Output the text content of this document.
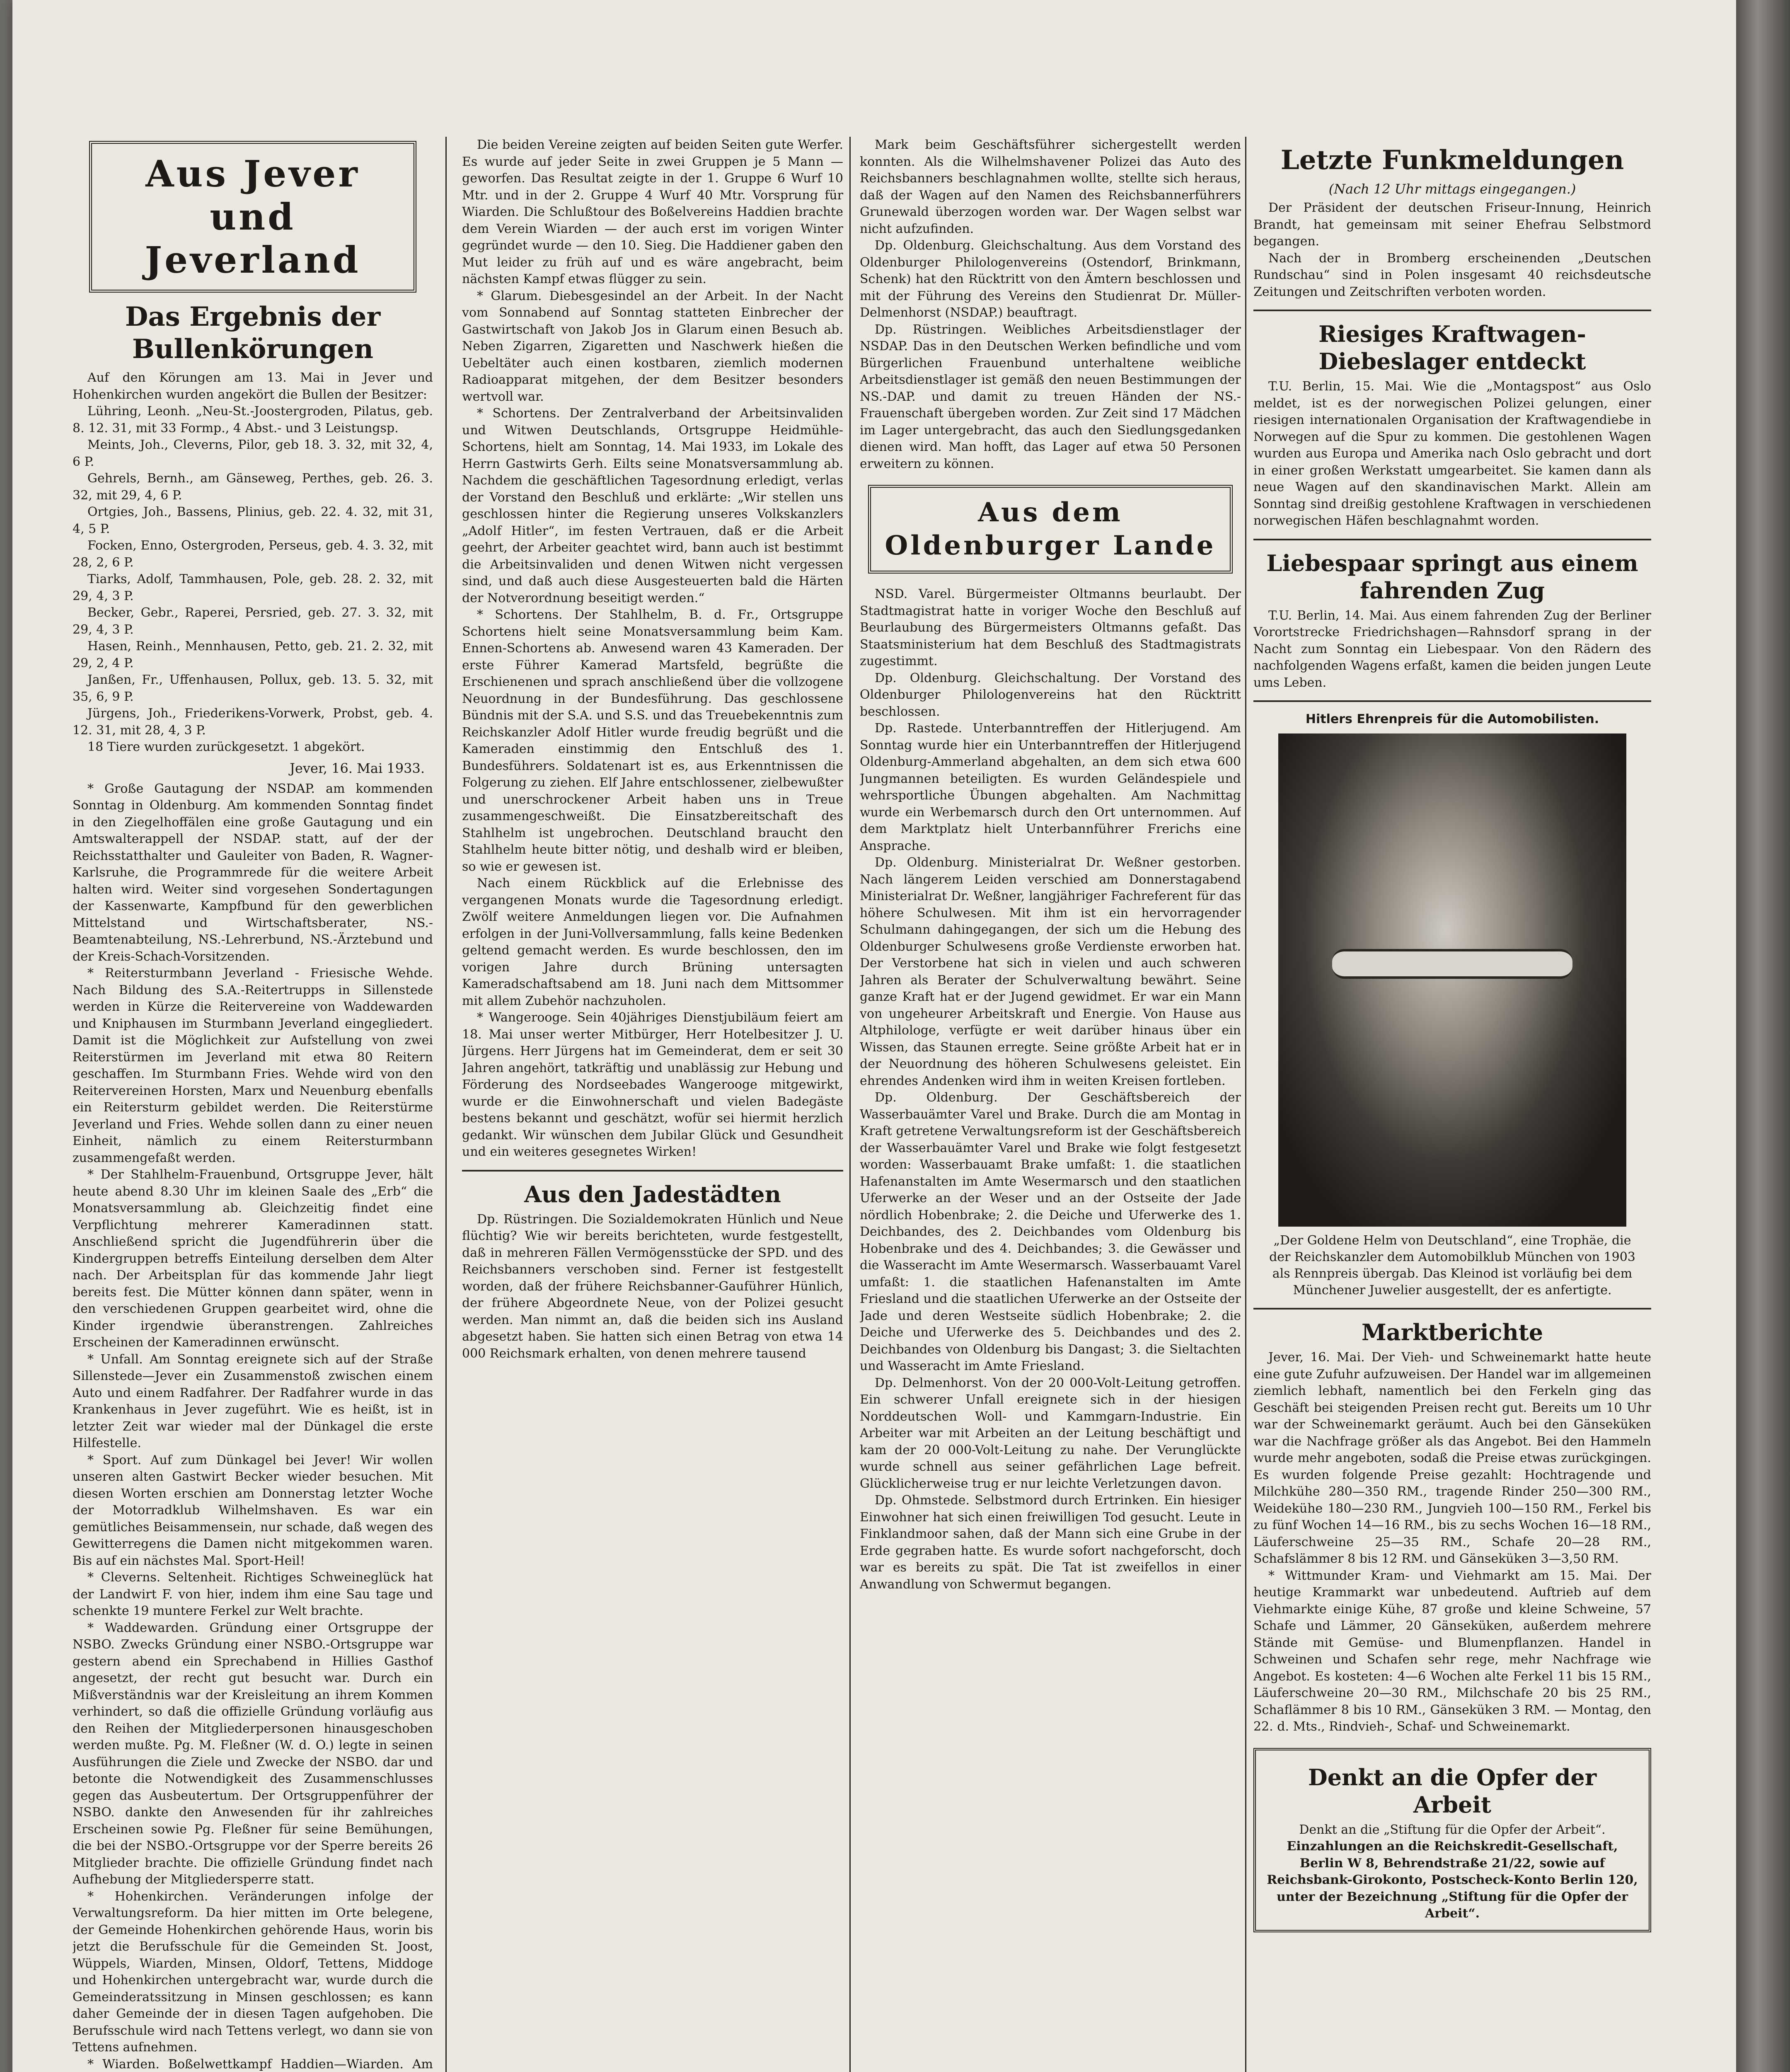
Aus Jever und Jeverland
Das Ergebnis der Bullenkörungen

Auf den Körungen am 13. Mai in Jever und Hohenkirchen wurden angekört die Bullen der Besitzer:

Lühring, Leonh. „Neu-St.-Joostergroden, Pilatus, geb. 8. 12. 31, mit 33 Formp., 4 Abst.- und 3 Leistungsp.

Meints, Joh., Cleverns, Pilor, geb 18. 3. 32, mit 32, 4, 6 P.

Gehrels, Bernh., am Gänseweg, Perthes, geb. 26. 3. 32, mit 29, 4, 6 P.

Ortgies, Joh., Bassens, Plinius, geb. 22. 4. 32, mit 31, 4, 5 P.

Focken, Enno, Ostergroden, Perseus, geb. 4. 3. 32, mit 28, 2, 6 P.

Tiarks, Adolf, Tammhausen, Pole, geb. 28. 2. 32, mit 29, 4, 3 P.

Becker, Gebr., Raperei, Persried, geb. 27. 3. 32, mit 29, 4, 3 P.

Hasen, Reinh., Mennhausen, Petto, geb. 21. 2. 32, mit 29, 2, 4 P.

Janßen, Fr., Uffenhausen, Pollux, geb. 13. 5. 32, mit 35, 6, 9 P.

Jürgens, Joh., Friederikens-Vorwerk, Probst, geb. 4. 12. 31, mit 28, 4, 3 P.

18 Tiere wurden zurückgesetzt. 1 abgekört.

Jever, 16. Mai 1933.

* Große Gautagung der NSDAP. am kommenden Sonntag in Oldenburg. Am kommenden Sonntag findet in den Ziegelhoffälen eine große Gautagung und ein Amtswalterappell der NSDAP. statt, auf der der Reichsstatthalter und Gauleiter von Baden, R. Wagner-Karlsruhe, die Programmrede für die weitere Arbeit halten wird. Weiter sind vorgesehen Sondertagungen der Kassenwarte, Kampfbund für den gewerblichen Mittelstand und Wirtschaftsberater, NS.-Beamtenabteilung, NS.-Lehrerbund, NS.-Ärztebund und der Kreis-Schach-Vorsitzenden.

* Reitersturmbann Jeverland - Friesische Wehde. Nach Bildung des S.A.-Reitertrupps in Sillenstede werden in Kürze die Reitervereine von Waddewarden und Kniphausen im Sturmbann Jeverland eingegliedert. Damit ist die Möglichkeit zur Aufstellung von zwei Reiterstürmen im Jeverland mit etwa 80 Reitern geschaffen. Im Sturmbann Fries. Wehde wird von den Reitervereinen Horsten, Marx und Neuenburg ebenfalls ein Reitersturm gebildet werden. Die Reiterstürme Jeverland und Fries. Wehde sollen dann zu einer neuen Einheit, nämlich zu einem Reitersturmbann zusammengefaßt werden.

* Der Stahlhelm-Frauenbund, Ortsgruppe Jever, hält heute abend 8.30 Uhr im kleinen Saale des „Erb“ die Monatsversammlung ab. Gleichzeitig findet eine Verpflichtung mehrerer Kameradinnen statt. Anschließend spricht die Jugendführerin über die Kindergruppen betreffs Einteilung derselben dem Alter nach. Der Arbeitsplan für das kommende Jahr liegt bereits fest. Die Mütter können dann später, wenn in den verschiedenen Gruppen gearbeitet wird, ohne die Kinder irgendwie überanstrengen. Zahlreiches Erscheinen der Kameradinnen erwünscht.

* Unfall. Am Sonntag ereignete sich auf der Straße Sillenstede—Jever ein Zusammenstoß zwischen einem Auto und einem Radfahrer. Der Radfahrer wurde in das Krankenhaus in Jever zugeführt. Wie es heißt, ist in letzter Zeit war wieder mal der Dünkagel die erste Hilfestelle.

* Sport. Auf zum Dünkagel bei Jever! Wir wollen unseren alten Gastwirt Becker wieder besuchen. Mit diesen Worten erschien am Donnerstag letzter Woche der Motorradklub Wilhelmshaven. Es war ein gemütliches Beisammensein, nur schade, daß wegen des Gewitterregens die Damen nicht mitgekommen waren. Bis auf ein nächstes Mal. Sport-Heil!

* Cleverns. Seltenheit. Richtiges Schweineglück hat der Landwirt F. von hier, indem ihm eine Sau tage und schenkte 19 muntere Ferkel zur Welt brachte.

* Waddewarden. Gründung einer Ortsgruppe der NSBO. Zwecks Gründung einer NSBO.-Ortsgruppe war gestern abend ein Sprechabend in Hillies Gasthof angesetzt, der recht gut besucht war. Durch ein Mißverständnis war der Kreisleitung an ihrem Kommen verhindert, so daß die offizielle Gründung vorläufig aus den Reihen der Mitgliederpersonen hinausgeschoben werden mußte. Pg. M. Fleßner (W. d. O.) legte in seinen Ausführungen die Ziele und Zwecke der NSBO. dar und betonte die Notwendigkeit des Zusammenschlusses gegen das Ausbeutertum. Der Ortsgruppenführer der NSBO. dankte den Anwesenden für ihr zahlreiches Erscheinen sowie Pg. Fleßner für seine Bemühungen, die bei der NSBO.-Ortsgruppe vor der Sperre bereits 26 Mitglieder brachte. Die offizielle Gründung findet nach Aufhebung der Mitgliedersperre statt.

* Hohenkirchen. Veränderungen infolge der Verwaltungsreform. Da hier mitten im Orte belegene, der Gemeinde Hohenkirchen gehörende Haus, worin bis jetzt die Berufsschule für die Gemeinden St. Joost, Wüppels, Wiarden, Minsen, Oldorf, Tettens, Middoge und Hohenkirchen untergebracht war, wurde durch die Gemeinderatssitzung in Minsen geschlossen; es kann daher Gemeinde der in diesen Tagen aufgehoben. Die Berufsschule wird nach Tettens verlegt, wo dann sie von Tettens aufnehmen.

* Wiarden. Boßelwettkampf Haddien—Wiarden. Am

Die beiden Vereine zeigten auf beiden Seiten gute Werfer. Es wurde auf jeder Seite in zwei Gruppen je 5 Mann — geworfen. Das Resultat zeigte in der 1. Gruppe 6 Wurf 10 Mtr. und in der 2. Gruppe 4 Wurf 40 Mtr. Vorsprung für Wiarden. Die Schlußtour des Boßelvereins Haddien brachte dem Verein Wiarden — der auch erst im vorigen Winter gegründet wurde — den 10. Sieg. Die Haddiener gaben den Mut leider zu früh auf und es wäre angebracht, beim nächsten Kampf etwas flügger zu sein.

* Glarum. Diebesgesindel an der Arbeit. In der Nacht vom Sonnabend auf Sonntag statteten Einbrecher der Gastwirtschaft von Jakob Jos in Glarum einen Besuch ab. Neben Zigarren, Zigaretten und Naschwerk hießen die Uebeltäter auch einen kostbaren, ziemlich modernen Radioapparat mitgehen, der dem Besitzer besonders wertvoll war.

* Schortens. Der Zentralverband der Arbeitsinvaliden und Witwen Deutschlands, Ortsgruppe Heidmühle-Schortens, hielt am Sonntag, 14. Mai 1933, im Lokale des Herrn Gastwirts Gerh. Eilts seine Monatsversammlung ab. Nachdem die geschäftlichen Tagesordnung erledigt, verlas der Vorstand den Beschluß und erklärte: „Wir stellen uns geschlossen hinter die Regierung unseres Volkskanzlers „Adolf Hitler“, im festen Vertrauen, daß er die Arbeit geehrt, der Arbeiter geachtet wird, bann auch ist bestimmt die Arbeitsinvaliden und denen Witwen nicht vergessen sind, und daß auch diese Ausgesteuerten bald die Härten der Notverordnung beseitigt werden.“

* Schortens. Der Stahlhelm, B. d. Fr., Ortsgruppe Schortens hielt seine Monatsversammlung beim Kam. Ennen-Schortens ab. Anwesend waren 43 Kameraden. Der erste Führer Kamerad Martsfeld, begrüßte die Erschienenen und sprach anschließend über die vollzogene Neuordnung in der Bundesführung. Das geschlossene Bündnis mit der S.A. und S.S. und das Treuebekenntnis zum Reichskanzler Adolf Hitler wurde freudig begrüßt und die Kameraden einstimmig den Entschluß des 1. Bundesführers. Soldatenart ist es, aus Erkenntnissen die Folgerung zu ziehen. Elf Jahre entschlossener, zielbewußter und unerschrockener Arbeit haben uns in Treue zusammengeschweißt. Die Einsatzbereitschaft des Stahlhelm ist ungebrochen. Deutschland braucht den Stahlhelm heute bitter nötig, und deshalb wird er bleiben, so wie er gewesen ist.

Nach einem Rückblick auf die Erlebnisse des vergangenen Monats wurde die Tagesordnung erledigt. Zwölf weitere Anmeldungen liegen vor. Die Aufnahmen erfolgen in der Juni-Vollversammlung, falls keine Bedenken geltend gemacht werden. Es wurde beschlossen, den im vorigen Jahre durch Brüning untersagten Kameradschaftsabend am 18. Juni nach dem Mittsommer mit allem Zubehör nachzuholen.

* Wangerooge. Sein 40jähriges Dienstjubiläum feiert am 18. Mai unser werter Mitbürger, Herr Hotelbesitzer J. U. Jürgens. Herr Jürgens hat im Gemeinderat, dem er seit 30 Jahren angehört, tatkräftig und unablässig zur Hebung und Förderung des Nordseebades Wangerooge mitgewirkt, wurde er die Einwohnerschaft und vielen Badegäste bestens bekannt und geschätzt, wofür sei hiermit herzlich gedankt. Wir wünschen dem Jubilar Glück und Gesundheit und ein weiteres gesegnetes Wirken!

Aus den Jadestädten

Dp. Rüstringen. Die Sozialdemokraten Hünlich und Neue flüchtig? Wie wir bereits berichteten, wurde festgestellt, daß in mehreren Fällen Vermögensstücke der SPD. und des Reichsbanners verschoben sind. Ferner ist festgestellt worden, daß der frühere Reichsbanner-Gauführer Hünlich, der frühere Abgeordnete Neue, von der Polizei gesucht werden. Man nimmt an, daß die beiden sich ins Ausland abgesetzt haben. Sie hatten sich einen Betrag von etwa 14 000 Reichsmark erhalten, von denen mehrere tausend

Mark beim Geschäftsführer sichergestellt werden konnten. Als die Wilhelmshavener Polizei das Auto des Reichsbanners beschlagnahmen wollte, stellte sich heraus, daß der Wagen auf den Namen des Reichsbannerführers Grunewald überzogen worden war. Der Wagen selbst war nicht aufzufinden.

Dp. Oldenburg. Gleichschaltung. Aus dem Vorstand des Oldenburger Philologenvereins (Ostendorf, Brinkmann, Schenk) hat den Rücktritt von den Ämtern beschlossen und mit der Führung des Vereins den Studienrat Dr. Müller-Delmenhorst (NSDAP.) beauftragt.

Dp. Rüstringen. Weibliches Arbeitsdienstlager der NSDAP. Das in den Deutschen Werken befindliche und vom Bürgerlichen Frauenbund unterhaltene weibliche Arbeitsdienstlager ist gemäß den neuen Bestimmungen der NS.-DAP. und damit zu treuen Händen der NS.-Frauenschaft übergeben worden. Zur Zeit sind 17 Mädchen im Lager untergebracht, das auch den Siedlungsgedanken dienen wird. Man hofft, das Lager auf etwa 50 Personen erweitern zu können.

Aus dem Oldenburger Lande

NSD. Varel. Bürgermeister Oltmanns beurlaubt. Der Stadtmagistrat hatte in voriger Woche den Beschluß auf Beurlaubung des Bürgermeisters Oltmanns gefaßt. Das Staatsministerium hat dem Beschluß des Stadtmagistrats zugestimmt.

Dp. Oldenburg. Gleichschaltung. Der Vorstand des Oldenburger Philologenvereins hat den Rücktritt beschlossen.

Dp. Rastede. Unterbanntreffen der Hitlerjugend. Am Sonntag wurde hier ein Unterbanntreffen der Hitlerjugend Oldenburg-Ammerland abgehalten, an dem sich etwa 600 Jungmannen beteiligten. Es wurden Geländespiele und wehrsportliche Übungen abgehalten. Am Nachmittag wurde ein Werbemarsch durch den Ort unternommen. Auf dem Marktplatz hielt Unterbannführer Frerichs eine Ansprache.

Dp. Oldenburg. Ministerialrat Dr. Weßner gestorben. Nach längerem Leiden verschied am Donnerstagabend Ministerialrat Dr. Weßner, langjähriger Fachreferent für das höhere Schulwesen. Mit ihm ist ein hervorragender Schulmann dahingegangen, der sich um die Hebung des Oldenburger Schulwesens große Verdienste erworben hat. Der Verstorbene hat sich in vielen und auch schweren Jahren als Berater der Schulverwaltung bewährt. Seine ganze Kraft hat er der Jugend gewidmet. Er war ein Mann von ungeheurer Arbeitskraft und Energie. Von Hause aus Altphilologe, verfügte er weit darüber hinaus über ein Wissen, das Staunen erregte. Seine größte Arbeit hat er in der Neuordnung des höheren Schulwesens geleistet. Ein ehrendes Andenken wird ihm in weiten Kreisen fortleben.

Dp. Oldenburg. Der Geschäftsbereich der Wasserbauämter Varel und Brake. Durch die am Montag in Kraft getretene Verwaltungsreform ist der Geschäftsbereich der Wasserbauämter Varel und Brake wie folgt festgesetzt worden: Wasserbauamt Brake umfaßt: 1. die staatlichen Hafenanstalten im Amte Wesermarsch und den staatlichen Uferwerke an der Weser und an der Ostseite der Jade nördlich Hobenbrake; 2. die Deiche und Uferwerke des 1. Deichbandes, des 2. Deichbandes vom Oldenburg bis Hobenbrake und des 4. Deichbandes; 3. die Gewässer und die Wasseracht im Amte Wesermarsch. Wasserbauamt Varel umfaßt: 1. die staatlichen Hafenanstalten im Amte Friesland und die staatlichen Uferwerke an der Ostseite der Jade und deren Westseite südlich Hobenbrake; 2. die Deiche und Uferwerke des 5. Deichbandes und des 2. Deichbandes von Oldenburg bis Dangast; 3. die Sieltachten und Wasseracht im Amte Friesland.

Dp. Delmenhorst. Von der 20 000-Volt-Leitung getroffen. Ein schwerer Unfall ereignete sich in der hiesigen Norddeutschen Woll- und Kammgarn-Industrie. Ein Arbeiter war mit Arbeiten an der Leitung beschäftigt und kam der 20 000-Volt-Leitung zu nahe. Der Verunglückte wurde schnell aus seiner gefährlichen Lage befreit. Glücklicherweise trug er nur leichte Verletzungen davon.

Dp. Ohmstede. Selbstmord durch Ertrinken. Ein hiesiger Einwohner hat sich einen freiwilligen Tod gesucht. Leute in Finklandmoor sahen, daß der Mann sich eine Grube in der Erde gegraben hatte. Es wurde sofort nachgeforscht, doch war es bereits zu spät. Die Tat ist zweifellos in einer Anwandlung von Schwermut begangen.

Letzte Funkmeldungen
(Nach 12 Uhr mittags eingegangen.)

Der Präsident der deutschen Friseur-Innung, Heinrich Brandt, hat gemeinsam mit seiner Ehefrau Selbstmord begangen.

Nach der in Bromberg erscheinenden „Deutschen Rundschau“ sind in Polen insgesamt 40 reichsdeutsche Zeitungen und Zeitschriften verboten worden.

Riesiges Kraftwagen-Diebeslager entdeckt

T.U. Berlin, 15. Mai. Wie die „Montagspost“ aus Oslo meldet, ist es der norwegischen Polizei gelungen, einer riesigen internationalen Organisation der Kraftwagendiebe in Norwegen auf die Spur zu kommen. Die gestohlenen Wagen wurden aus Europa und Amerika nach Oslo gebracht und dort in einer großen Werkstatt umgearbeitet. Sie kamen dann als neue Wagen auf den skandinavischen Markt. Allein am Sonntag sind dreißig gestohlene Kraftwagen in verschiedenen norwegischen Häfen beschlagnahmt worden.

Liebespaar springt aus einem fahrenden Zug

T.U. Berlin, 14. Mai. Aus einem fahrenden Zug der Berliner Vorortstrecke Friedrichshagen—Rahnsdorf sprang in der Nacht zum Sonntag ein Liebespaar. Von den Rädern des nachfolgenden Wagens erfaßt, kamen die beiden jungen Leute ums Leben.

Hitlers Ehrenpreis für die Automobilisten.
„Der Goldene Helm von Deutschland“, eine Trophäe, die der Reichskanzler dem Automobilklub München von 1903 als Rennpreis übergab. Das Kleinod ist vorläufig bei dem Münchener Juwelier ausgestellt, der es anfertigte.
Marktberichte

Jever, 16. Mai. Der Vieh- und Schweinemarkt hatte heute eine gute Zufuhr aufzuweisen. Der Handel war im allgemeinen ziemlich lebhaft, namentlich bei den Ferkeln ging das Geschäft bei steigenden Preisen recht gut. Bereits um 10 Uhr war der Schweinemarkt geräumt. Auch bei den Gänseküken war die Nachfrage größer als das Angebot. Bei den Hammeln wurde mehr angeboten, sodaß die Preise etwas zurückgingen. Es wurden folgende Preise gezahlt: Hochtragende und Milchkühe 280—350 RM., tragende Rinder 250—300 RM., Weidekühe 180—230 RM., Jungvieh 100—150 RM., Ferkel bis zu fünf Wochen 14—16 RM., bis zu sechs Wochen 16—18 RM., Läuferschweine 25—35 RM., Schafe 20—28 RM., Schafslämmer 8 bis 12 RM. und Gänseküken 3—3,50 RM.

* Wittmunder Kram- und Viehmarkt am 15. Mai. Der heutige Krammarkt war unbedeutend. Auftrieb auf dem Viehmarkte einige Kühe, 87 große und kleine Schweine, 57 Schafe und Lämmer, 20 Gänseküken, außerdem mehrere Stände mit Gemüse- und Blumenpflanzen. Handel in Schweinen und Schafen sehr rege, mehr Nachfrage wie Angebot. Es kosteten: 4—6 Wochen alte Ferkel 11 bis 15 RM., Läuferschweine 20—30 RM., Milchschafe 20 bis 25 RM., Schaflämmer 8 bis 10 RM., Gänseküken 3 RM. — Montag, den 22. d. Mts., Rindvieh-, Schaf- und Schweinemarkt.

Denkt an die Opfer der Arbeit

Denkt an die „Stiftung für die Opfer der Arbeit“.

Einzahlungen an die Reichskredit-Gesellschaft, Berlin W 8, Behrendstraße 21/22, sowie auf Reichsbank-Girokonto, Postscheck-Konto Berlin 120, unter der Bezeichnung „Stiftung für die Opfer der Arbeit“.
